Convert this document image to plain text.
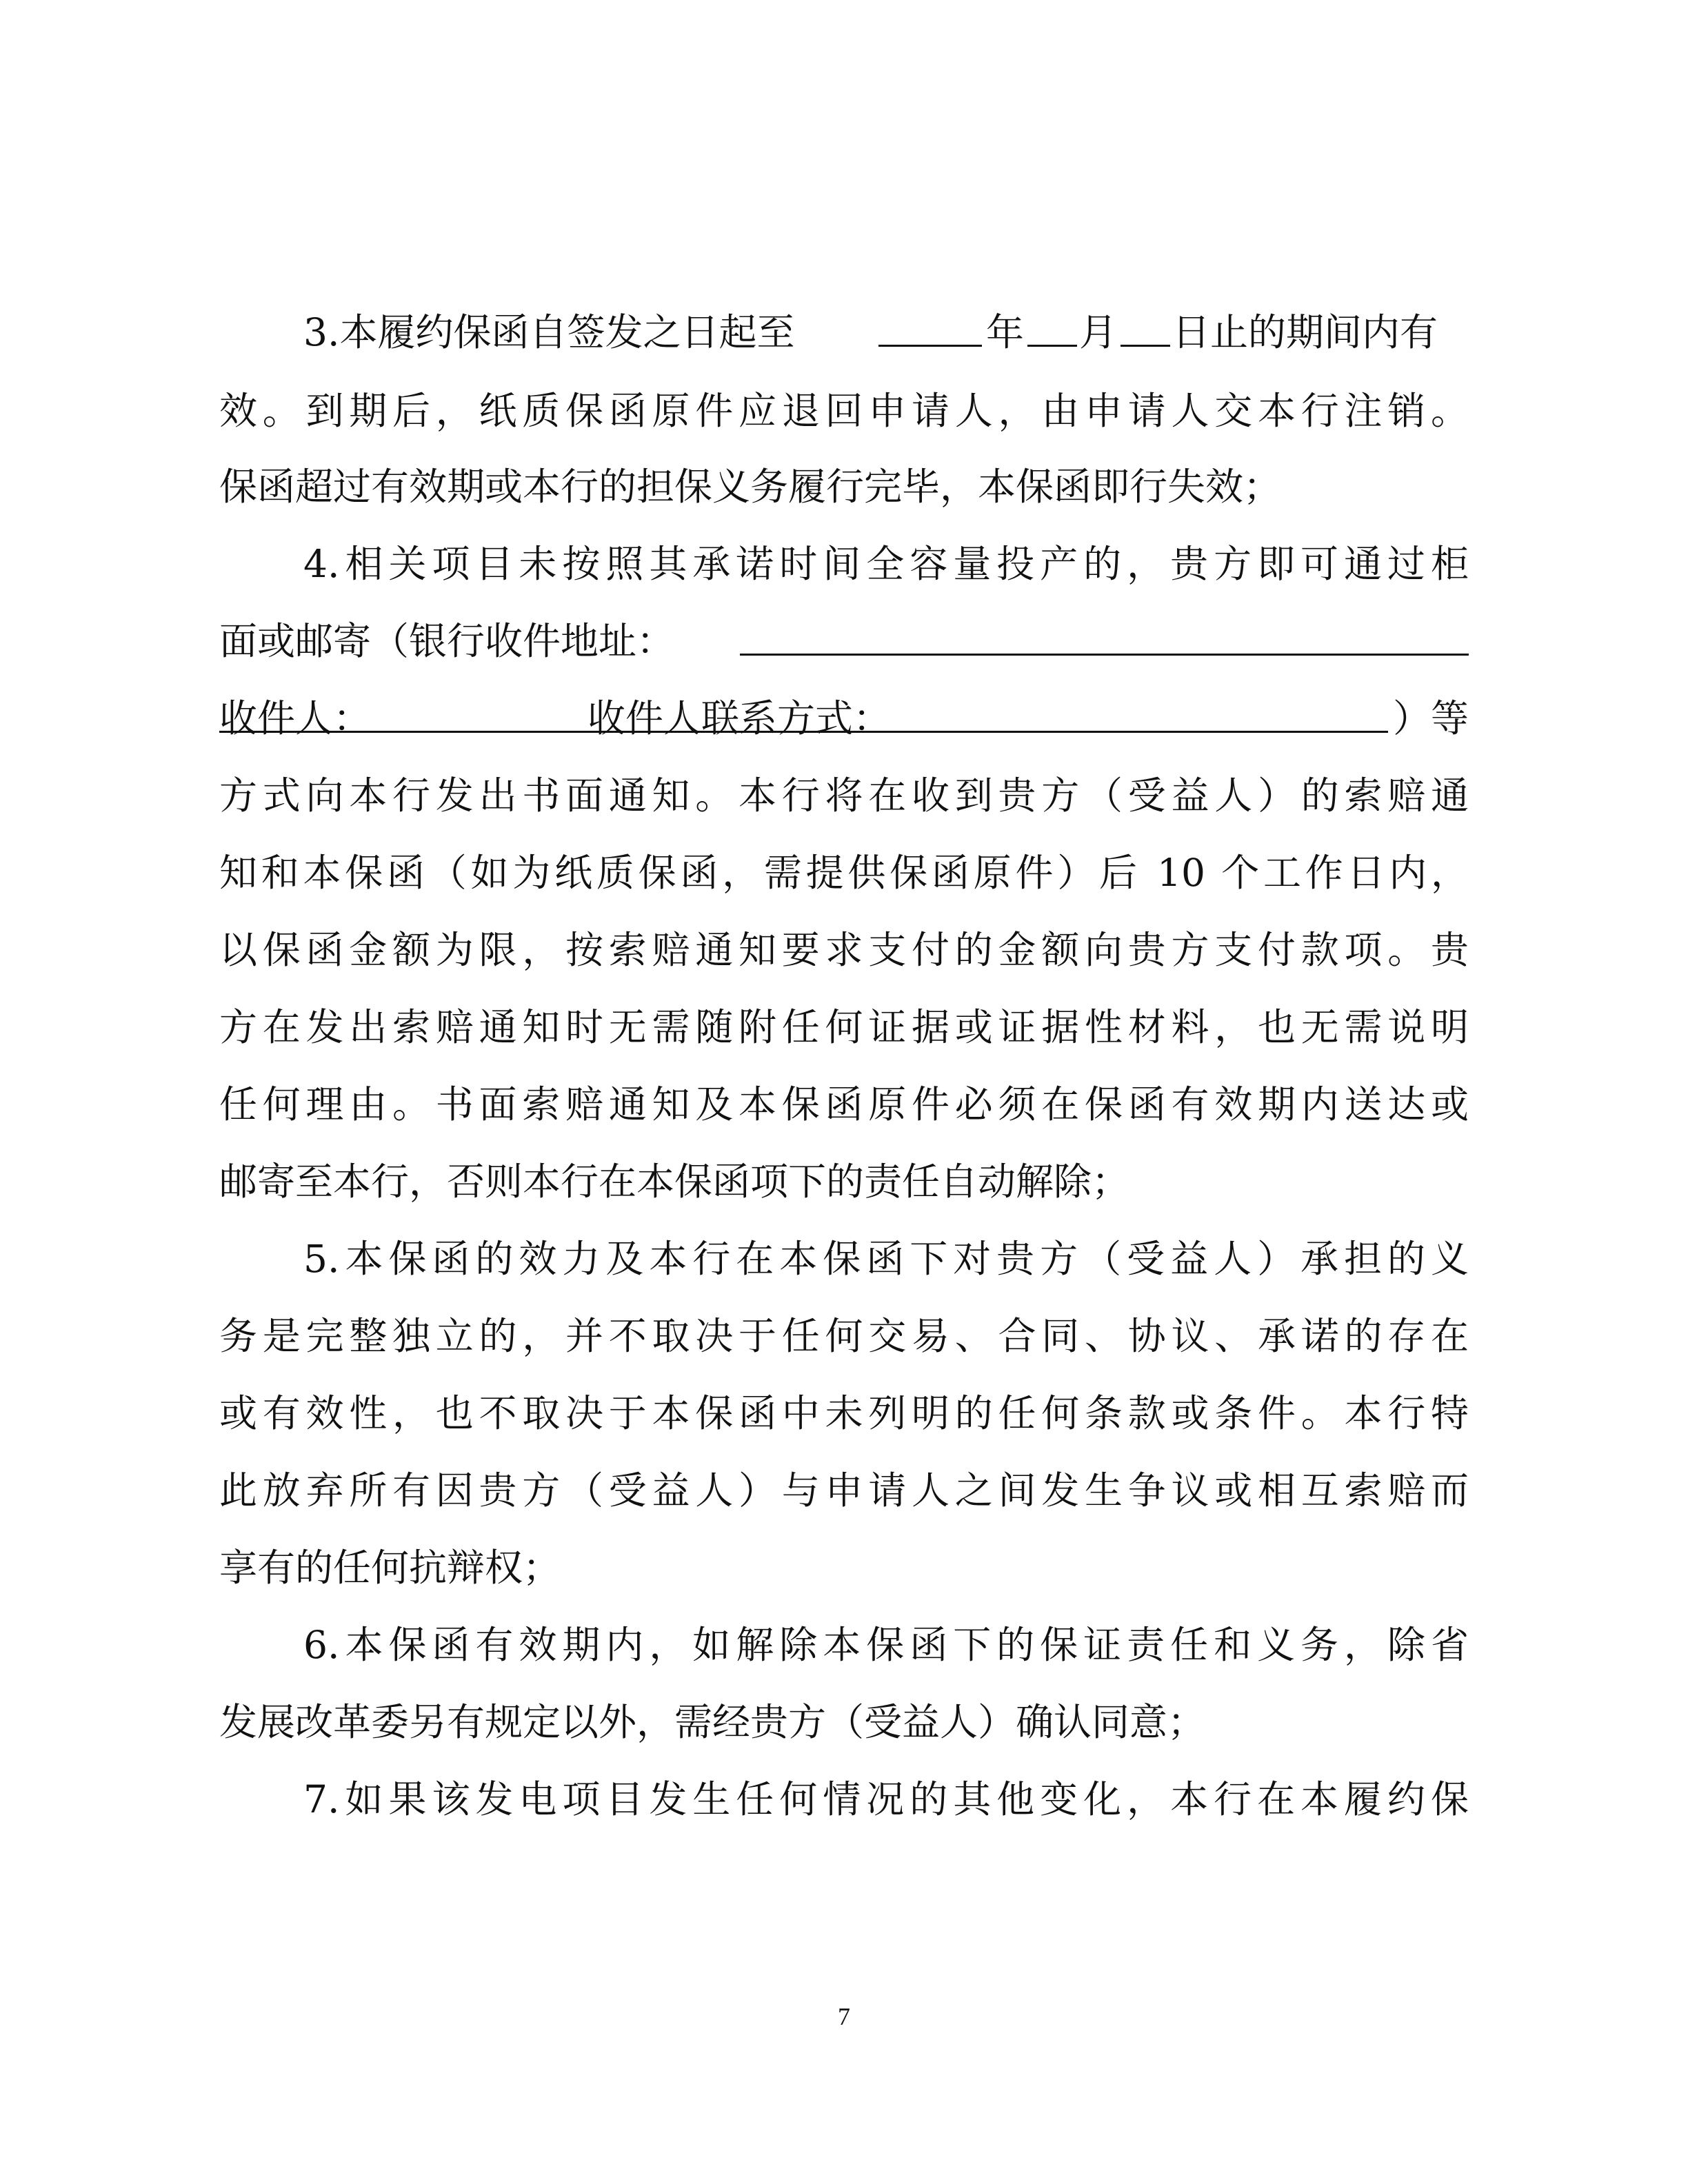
3.本履约保函自签发之日起至	年 月 日止的期间内有
效。到期后，纸质保函原件应退回申请人，由申请人交本行注销。
保函超过有效期或本行的担保义务履行完毕，本保函即行失效；
4.相关项目未按照其承诺时间全容量投产的，贵方即可通过柜
面或邮寄（银行收件地址：
收件人：	收件人联系方式：	）等
方式向本行发出书面通知。本行将在收到贵方（受益人）的索赔通
知和本保函（如为纸质保函，需提供保函原件）后 10 个工作日内，
以保函金额为限，按索赔通知要求支付的金额向贵方支付款项。贵
方在发出索赔通知时无需随附任何证据或证据性材料，也无需说明
任何理由。书面索赔通知及本保函原件必须在保函有效期内送达或
邮寄至本行，否则本行在本保函项下的责任自动解除；
5.本保函的效力及本行在本保函下对贵方（受益人）承担的义
务是完整独立的，并不取决于任何交易、合同、协议、承诺的存在
或有效性，也不取决于本保函中未列明的任何条款或条件。本行特
此放弃所有因贵方（受益人）与申请人之间发生争议或相互索赔而
享有的任何抗辩权；
6.本保函有效期内，如解除本保函下的保证责任和义务，除省
发展改革委另有规定以外，需经贵方（受益人）确认同意；
7.如果该发电项目发生任何情况的其他变化，本行在本履约保
7
